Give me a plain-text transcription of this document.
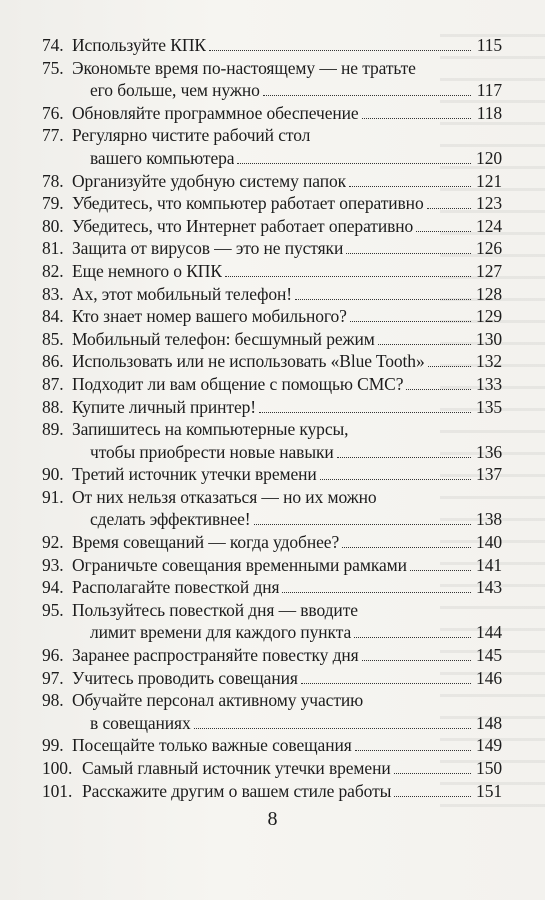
74. Используйте КПК	115
75. Экономьте время по-настоящему — не тратьте
его больше, чем нужно	117
76. Обновляйте программное обеспечение	118
77. Регулярно чистите рабочий стол
вашего компьютера	120
78. Организуйте удобную систему папок	121
79. Убедитесь, что компьютер работает оперативно	123
80. Убедитесь, что Интернет работает оперативно	124
81. Защита от вирусов — это не пустяки	126
82. Еще немного о КПК	127
83. Ах, этот мобильный телефон!	128
84. Кто знает номер вашего мобильного?	129
85. Мобильный телефон: бесшумный режим	130
86. Использовать или не использовать «Blue Tooth»	132
87. Подходит ли вам общение с помощью СМС?	133
88. Купите личный принтер!	135
89. Запишитесь на компьютерные курсы,
чтобы приобрести новые навыки	136
90. Третий источник утечки времени	137
91. От них нельзя отказаться — но их можно
сделать эффективнее!	138
92. Время совещаний — когда удобнее?	140
93. Ограничьте совещания временными рамками	141
94. Располагайте повесткой дня	143
95. Пользуйтесь повесткой дня — вводите
лимит времени для каждого пункта	144
96. Заранее распространяйте повестку дня	145
97. Учитесь проводить совещания	146
98. Обучайте персонал активному участию
в совещаниях	148
99. Посещайте только важные совещания	149
100. Самый главный источник утечки времени	150
101. Расскажите другим о вашем стиле работы	151
8
